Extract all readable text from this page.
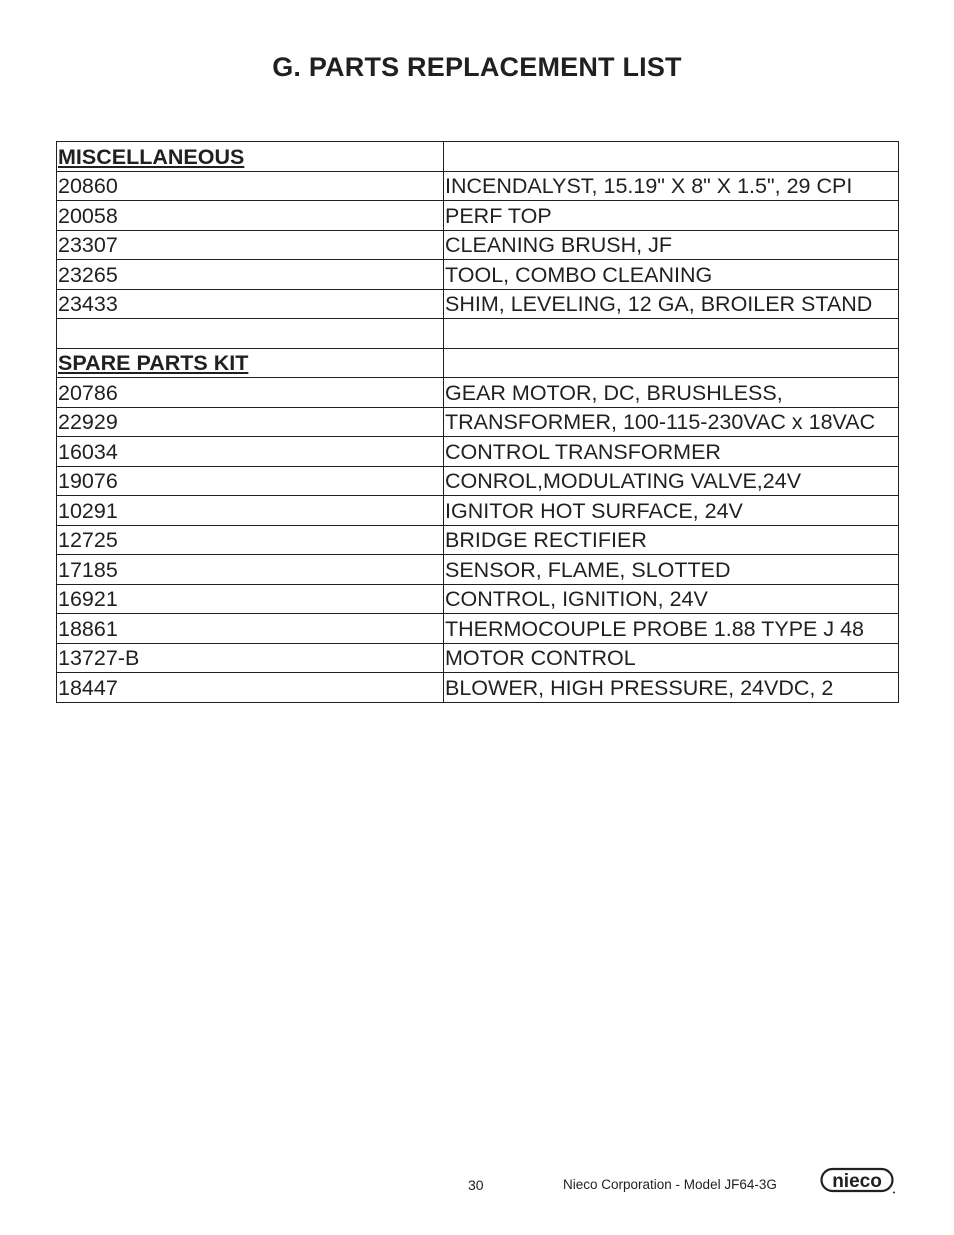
G. PARTS REPLACEMENT LIST
MISCELLANEOUS	
20860	INCENDALYST, 15.19" X 8" X 1.5", 29 CPI
20058	PERF TOP
23307	CLEANING BRUSH, JF
23265	TOOL, COMBO CLEANING
23433	SHIM, LEVELING, 12 GA, BROILER STAND

SPARE PARTS KIT	
20786	GEAR MOTOR, DC, BRUSHLESS,
22929	TRANSFORMER, 100-115-230VAC x 18VAC
16034	CONTROL TRANSFORMER
19076	CONROL,MODULATING VALVE,24V
10291	IGNITOR HOT SURFACE, 24V
12725	BRIDGE RECTIFIER
17185	SENSOR, FLAME, SLOTTED
16921	CONTROL, IGNITION, 24V
18861	THERMOCOUPLE PROBE 1.88 TYPE J 48
13727-B	MOTOR CONTROL
18447	BLOWER, HIGH PRESSURE, 24VDC, 2
30	Nieco Corporation - Model JF64-3G	nieco
